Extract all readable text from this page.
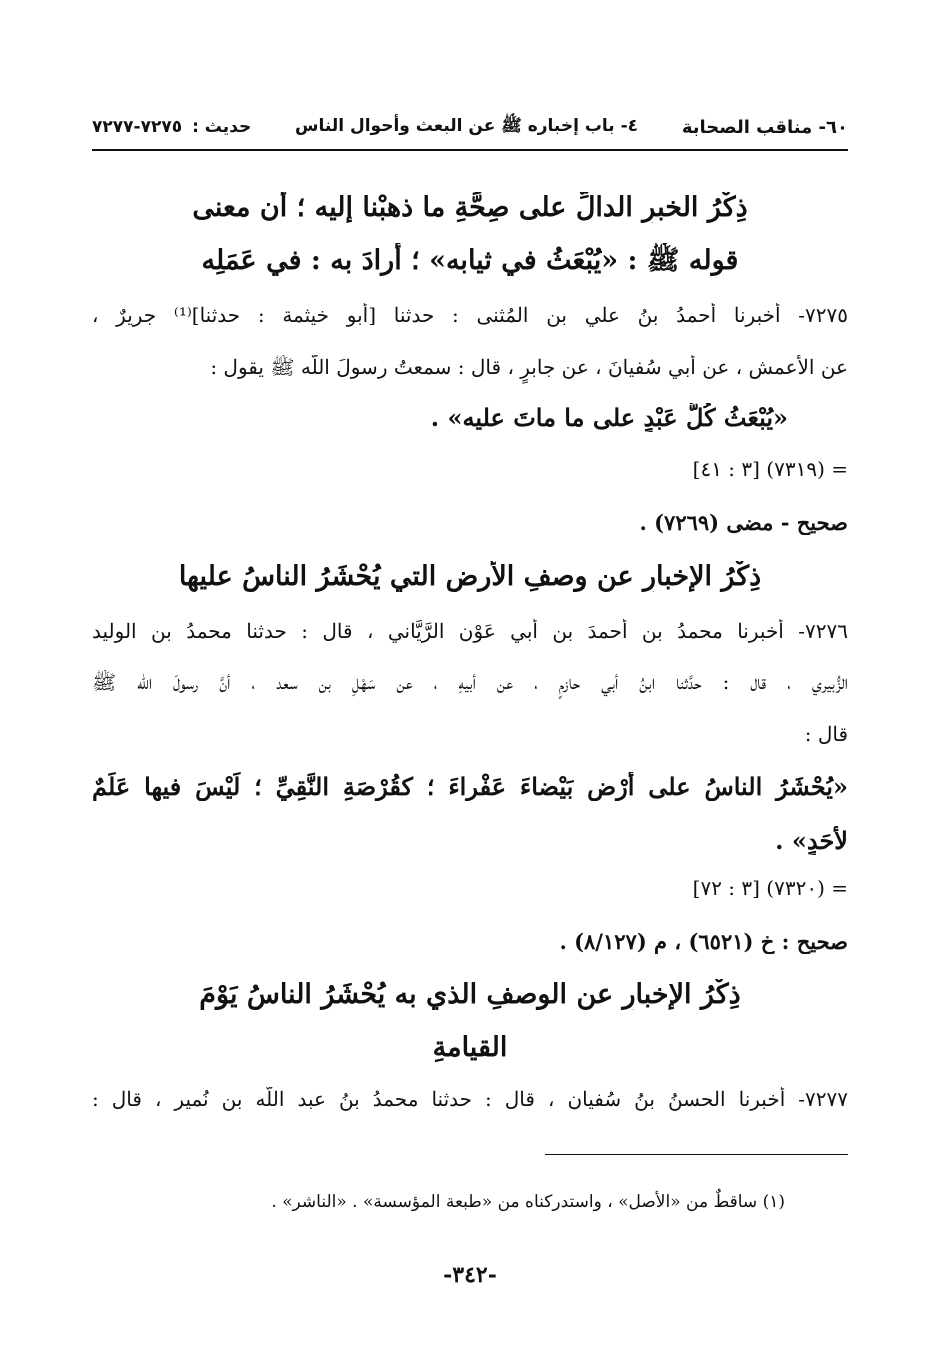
٦٠- مناقب الصحابة
٤- باب إخباره ﷺ عن البعث وأحوال الناس
حديث :
٧٢٧٥-٧٢٧٧
ذِكْرُ الخبرِ الدالِّ على صِحَّةِ ما ذهبْنا إليه ؛ أن معنى
قوله ﷺ : «يُبْعَثُ في ثيابه» ؛ أرادَ به : في عَمَلِه
٧٢٧٥- أخبرنا أحمدُ بنُ علي بن المُثنى : حدثنا [أبو خيثمة : حدثنا]⁽¹⁾ جريرٌ ،
عن الأعمش ، عن أبي سُفيانَ ، عن جابرٍ ، قال : سمعتُ رسولَ اللّه ﷺ يقول :
«يُبْعَثُ كُلُّ عَبْدٍ على ما ماتَ عليه» .
= (٧٣١٩) [٣ : ٤١]
صحيح - مضى (٧٢٦٩) .
ذِكْرُ الإخبارِ عن وصفِ الأرضِ التي يُحْشَرُ الناسُ عليها
٧٢٧٦- أخبرنا محمدُ بن أحمدَ بن أبي عَوْن الرَّيَّاني ، قال : حدثنا محمدُ بن الوليد
الزُّبيري ، قال : حدَّثنا ابنُ أبي حازمٍ ، عن أبيهِ ، عن سَهْلِ بن سعد ، أنَّ رسولَ اللّه ﷺ
قال :
«يُحْشَرُ الناسُ على أَرْضٍ بَيْضاءَ عَفْراءَ ؛ كقُرْصَةِ النَّقِيِّ ؛ لَيْسَ فيها عَلَمٌ
لأَحَدٍ» .
= (٧٣٢٠) [٣ : ٧٢]
صحيح : خ (٦٥٢١) ، م (٨/١٢٧) .
ذِكْرُ الإخبارِ عن الوصفِ الذي به يُحْشَرُ الناسُ يَوْمَ
القيامةِ
٧٢٧٧- أخبرنا الحسنُ بنُ سُفيان ، قال : حدثنا محمدُ بنُ عبد اللّه بن نُمير ، قال :
(١) ساقطٌ من «الأصل» ، واستدركناه من «طبعة المؤسسة» . «الناشر» .
-٣٤٢-
